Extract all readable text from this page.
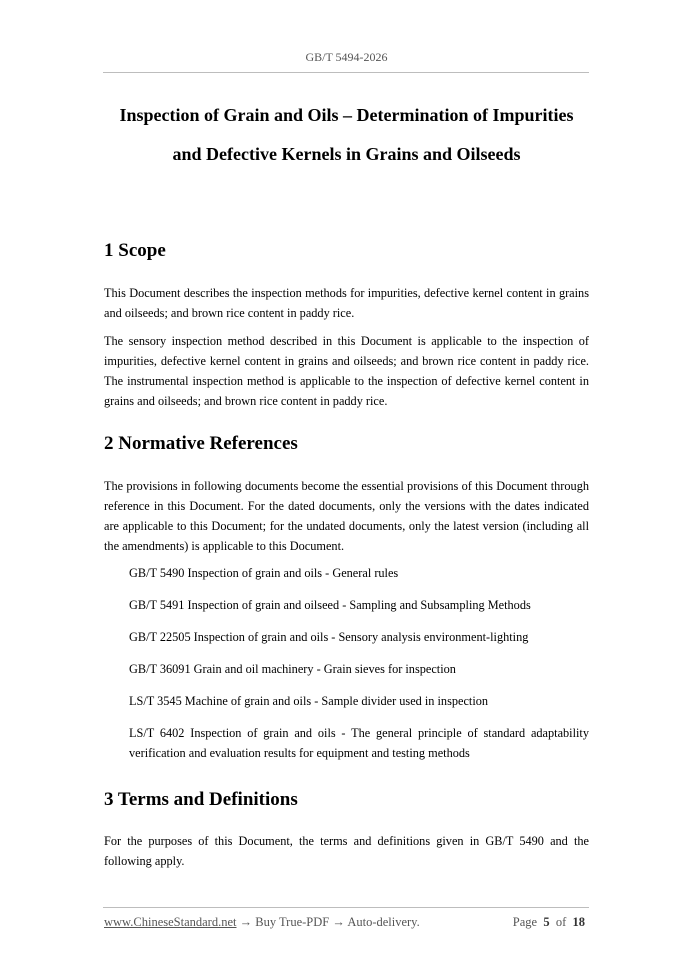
GB/T 5494-2026
Inspection of Grain and Oils – Determination of Impurities
and Defective Kernels in Grains and Oilseeds
1 Scope

This Document describes the inspection methods for impurities, defective kernel content in grains and oilseeds; and brown rice content in paddy rice.

The sensory inspection method described in this Document is applicable to the inspection of impurities, defective kernel content in grains and oilseeds; and brown rice content in paddy rice. The instrumental inspection method is applicable to the inspection of defective kernel content in grains and oilseeds; and brown rice content in paddy rice.

2 Normative References

The provisions in following documents become the essential provisions of this Document through reference in this Document. For the dated documents, only the versions with the dates indicated are applicable to this Document; for the undated documents, only the latest version (including all the amendments) is applicable to this Document.

GB/T 5490 Inspection of grain and oils - General rules

GB/T 5491 Inspection of grain and oilseed - Sampling and Subsampling Methods

GB/T 22505 Inspection of grain and oils - Sensory analysis environment-lighting

GB/T 36091 Grain and oil machinery - Grain sieves for inspection

LS/T 3545 Machine of grain and oils - Sample divider used in inspection

LS/T 6402 Inspection of grain and oils - The general principle of standard adaptability verification and evaluation results for equipment and testing methods

3 Terms and Definitions

For the purposes of this Document, the terms and definitions given in GB/T 5490 and the following apply.

www.ChineseStandard.net → Buy True-PDF → Auto-delivery.	Page 5 of 18
